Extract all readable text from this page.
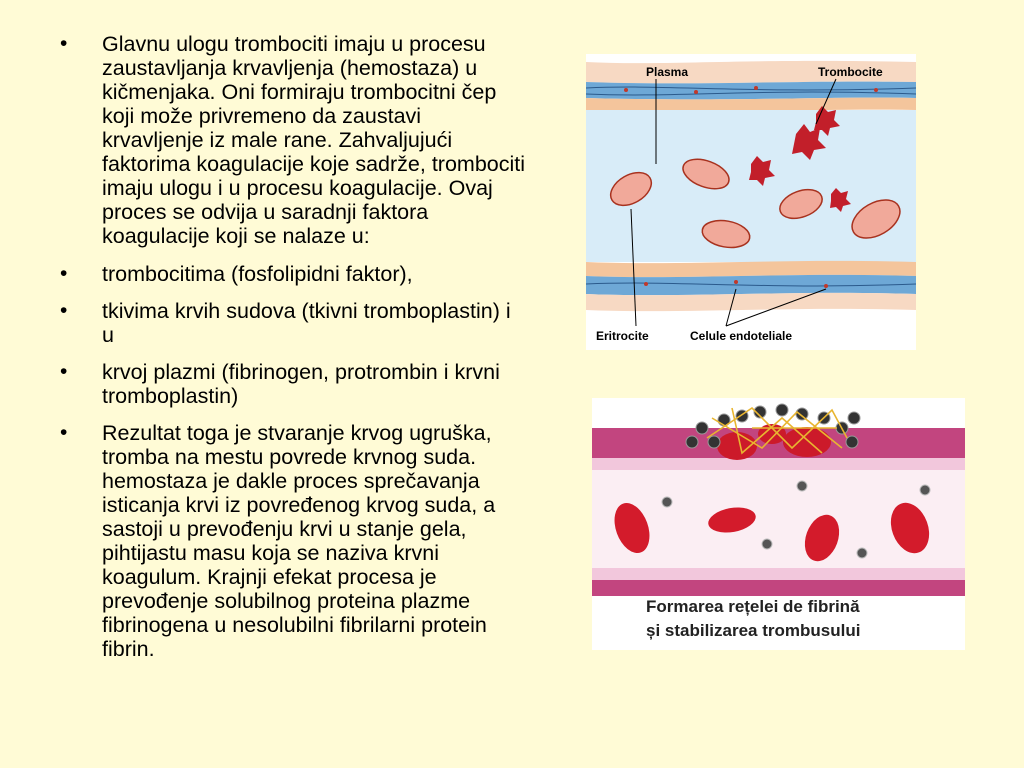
• Glavnu ulogu trombociti imaju u procesu zaustavljanja krvavljenja (hemostaza) u kičmenjaka. Oni formiraju trombocitni čep koji može privremeno da zaustavi krvavljenje iz male rane. Zahvaljujući faktorima koagulacije koje sadrže, trombociti imaju ulogu i u procesu koagulacije. Ovaj proces se odvija u saradnji faktora koagulacije koji se nalaze u:
• trombocitima (fosfolipidni faktor),
• tkivima krvih sudova (tkivni tromboplastin) i u
• krvoj plazmi (fibrinogen, protrombin i krvni tromboplastin)
• Rezultat toga je stvaranje krvog ugruška, tromba na mestu povrede krvnog suda. hemostaza je dakle proces sprečavanja isticanja krvi iz povređenog krvog suda, a sastoji u prevođenju krvi u stanje gela, pihtijastu masu koja se naziva krvni koagulum. Krajnji efekat procesa je prevođenje solubilnog proteina plazme fibrinogena u nesolubilni fibrilarni protein fibrin.
Plasma	Trombocite
Eritrocite	Celule endoteliale
Formarea rețelei de fibrină
și stabilizarea trombusului
